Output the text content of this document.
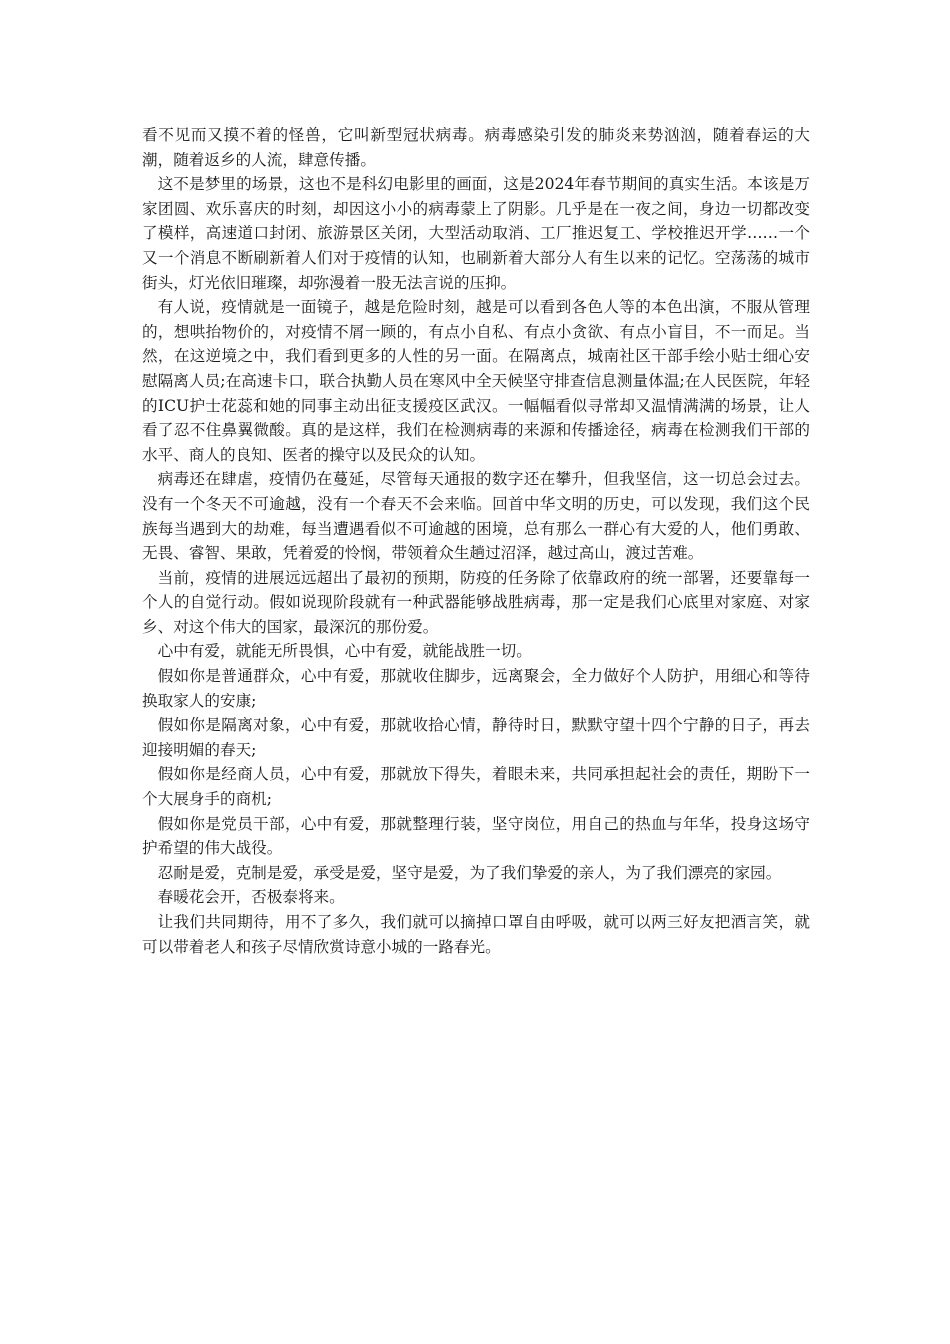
看不见而又摸不着的怪兽，它叫新型冠状病毒。病毒感染引发的肺炎来势汹汹，随着春运的大潮，随着返乡的人流，肆意传播。

这不是梦里的场景，这也不是科幻电影里的画面，这是2024年春节期间的真实生活。本该是万家团圆、欢乐喜庆的时刻，却因这小小的病毒蒙上了阴影。几乎是在一夜之间，身边一切都改变了模样，高速道口封闭、旅游景区关闭，大型活动取消、工厂推迟复工、学校推迟开学……一个又一个消息不断刷新着人们对于疫情的认知，也刷新着大部分人有生以来的记忆。空荡荡的城市街头，灯光依旧璀璨，却弥漫着一股无法言说的压抑。

有人说，疫情就是一面镜子，越是危险时刻，越是可以看到各色人等的本色出演，不服从管理的，想哄抬物价的，对疫情不屑一顾的，有点小自私、有点小贪欲、有点小盲目，不一而足。当然，在这逆境之中，我们看到更多的人性的另一面。在隔离点，城南社区干部手绘小贴士细心安慰隔离人员;在高速卡口，联合执勤人员在寒风中全天候坚守排查信息测量体温;在人民医院，年轻的ICU护士花蕊和她的同事主动出征支援疫区武汉。一幅幅看似寻常却又温情满满的场景，让人看了忍不住鼻翼微酸。真的是这样，我们在检测病毒的来源和传播途径，病毒在检测我们干部的水平、商人的良知、医者的操守以及民众的认知。

病毒还在肆虐，疫情仍在蔓延，尽管每天通报的数字还在攀升，但我坚信，这一切总会过去。没有一个冬天不可逾越，没有一个春天不会来临。回首中华文明的历史，可以发现，我们这个民族每当遇到大的劫难，每当遭遇看似不可逾越的困境，总有那么一群心有大爱的人，他们勇敢、无畏、睿智、果敢，凭着爱的怜悯，带领着众生趟过沼泽，越过高山，渡过苦难。

当前，疫情的进展远远超出了最初的预期，防疫的任务除了依靠政府的统一部署，还要靠每一个人的自觉行动。假如说现阶段就有一种武器能够战胜病毒，那一定是我们心底里对家庭、对家乡、对这个伟大的国家，最深沉的那份爱。

心中有爱，就能无所畏惧，心中有爱，就能战胜一切。

假如你是普通群众，心中有爱，那就收住脚步，远离聚会，全力做好个人防护，用细心和等待换取家人的安康;

假如你是隔离对象，心中有爱，那就收拾心情，静待时日，默默守望十四个宁静的日子，再去迎接明媚的春天;

假如你是经商人员，心中有爱，那就放下得失，着眼未来，共同承担起社会的责任，期盼下一个大展身手的商机;

假如你是党员干部，心中有爱，那就整理行装，坚守岗位，用自己的热血与年华，投身这场守护希望的伟大战役。

忍耐是爱，克制是爱，承受是爱，坚守是爱，为了我们挚爱的亲人，为了我们漂亮的家园。

春暖花会开，否极泰将来。

让我们共同期待，用不了多久，我们就可以摘掉口罩自由呼吸，就可以两三好友把酒言笑，就可以带着老人和孩子尽情欣赏诗意小城的一路春光。
